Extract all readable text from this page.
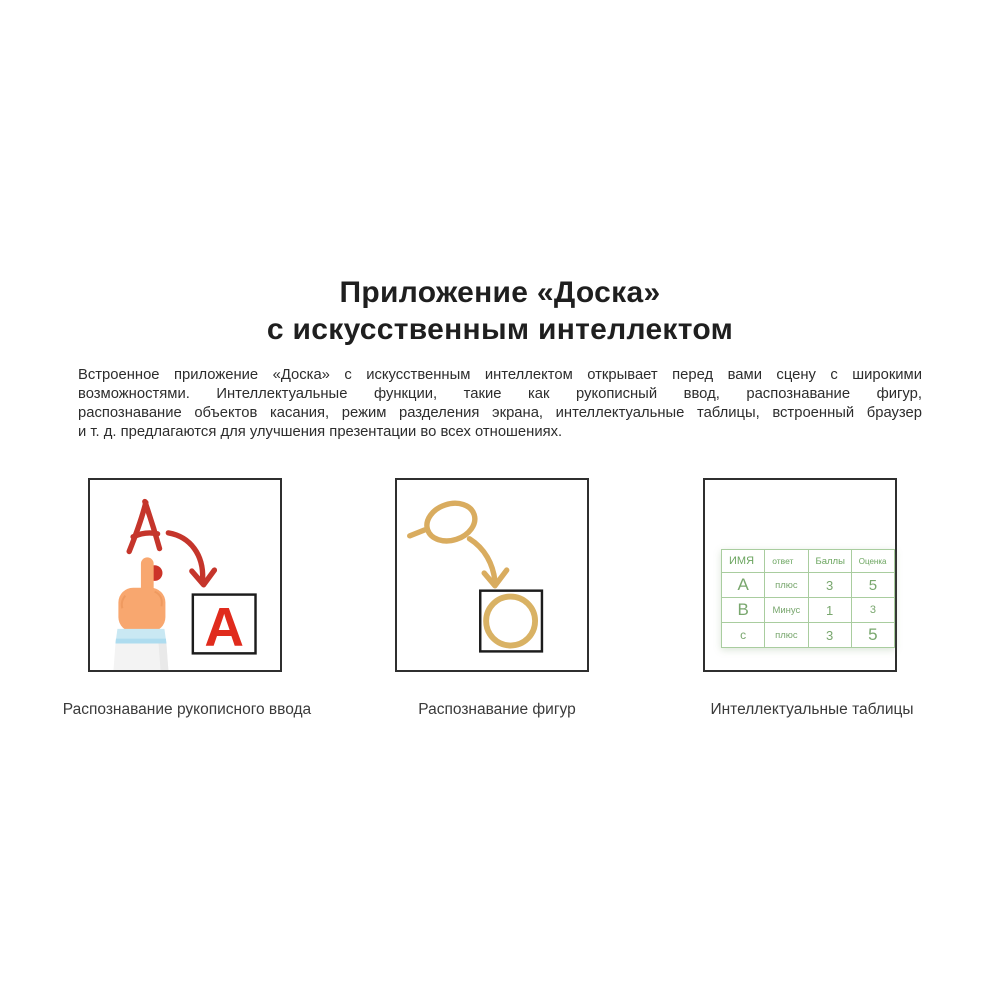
Приложение «Доска»
с искусственным интеллектом
Встроенное приложение «Доска» с искусственным интеллектом открывает перед вами сцену с широкими
возможностями. Интеллектуальные функции, такие как рукописный ввод, распознавание фигур,
распознавание объектов касания, режим разделения экрана, интеллектуальные таблицы, встроенный браузер
и т. д. предлагаются для улучшения презентации во всех отношениях.
A
ИМЯ	ответ	Баллы	Оценка
A	плюс	3	5
B	Минус	1	3
с	плюс	3	5
Распознавание рукописного ввода	Распознавание фигур	Интеллектуальные таблицы
